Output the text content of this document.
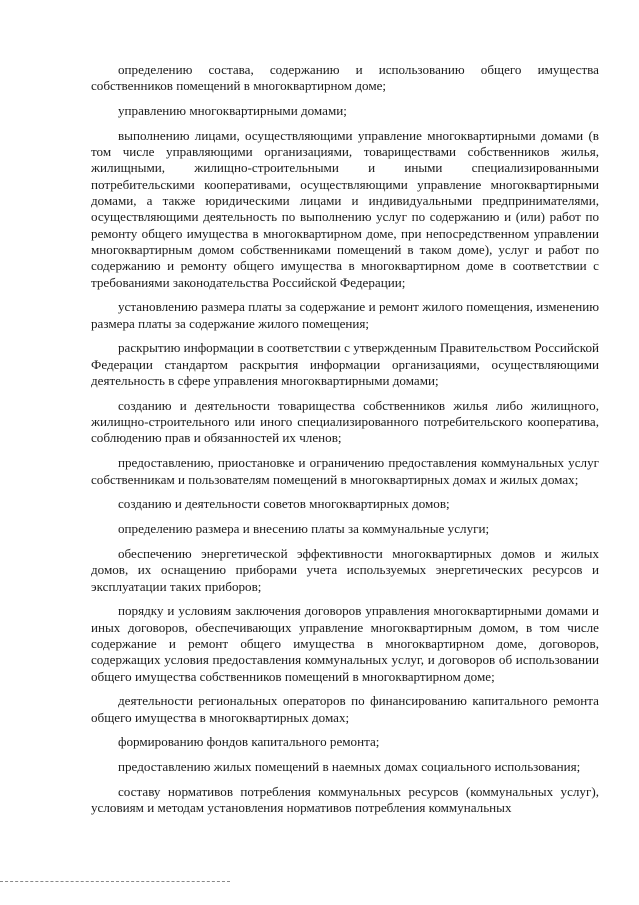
определению состава, содержанию и использованию общего имущества собственников помещений в многоквартирном доме;

управлению многоквартирными домами;

выполнению лицами, осуществляющими управление многоквартирными домами (в том числе управляющими организациями, товариществами собственников жилья, жилищными, жилищно-строительными и иными специализированными потребительскими кооперативами, осуществляющими управление многоквартирными домами, а также юридическими лицами и индивидуальными предпринимателями, осуществляющими деятельность по выполнению услуг по содержанию и (или) работ по ремонту общего имущества в многоквартирном доме, при непосредственном управлении многоквартирным домом собственниками помещений в таком доме), услуг и работ по содержанию и ремонту общего имущества в многоквартирном доме в соответствии с требованиями законодательства Российской Федерации;

установлению размера платы за содержание и ремонт жилого помещения, изменению размера платы за содержание жилого помещения;

раскрытию информации в соответствии с утвержденным Правительством Российской Федерации стандартом раскрытия информации организациями, осуществляющими деятельность в сфере управления многоквартирными домами;

созданию и деятельности товарищества собственников жилья либо жилищного, жилищно-строительного или иного специализированного потребительского кооператива, соблюдению прав и обязанностей их членов;

предоставлению, приостановке и ограничению предоставления коммунальных услуг собственникам и пользователям помещений в многоквартирных домах и жилых домах;

созданию и деятельности советов многоквартирных домов;

определению размера и внесению платы за коммунальные услуги;

обеспечению энергетической эффективности многоквартирных домов и жилых домов, их оснащению приборами учета используемых энергетических ресурсов и эксплуатации таких приборов;

порядку и условиям заключения договоров управления многоквартирными домами и иных договоров, обеспечивающих управление многоквартирным домом, в том числе содержание и ремонт общего имущества в многоквартирном доме, договоров, содержащих условия предоставления коммунальных услуг, и договоров об использовании общего имущества собственников помещений в многоквартирном доме;

деятельности региональных операторов по финансированию капитального ремонта общего имущества в многоквартирных домах;

формированию фондов капитального ремонта;

предоставлению жилых помещений в наемных домах социального использования;

составу нормативов потребления коммунальных ресурсов (коммунальных услуг), условиям и методам установления нормативов потребления коммунальных
